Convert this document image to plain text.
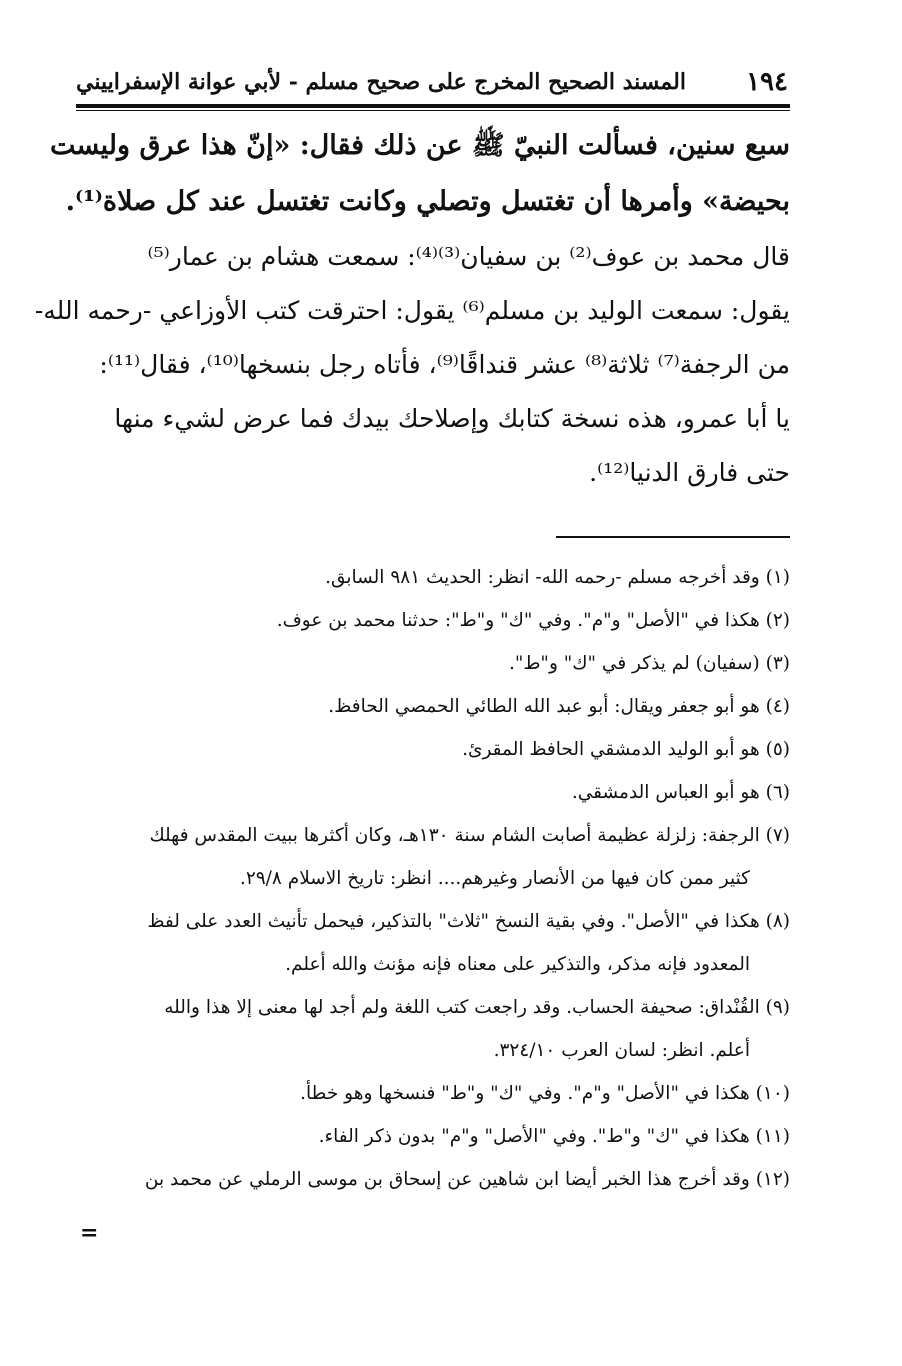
١٩٤
المسند الصحيح المخرج على صحيح مسلم - لأبي عوانة الإسفراييني
سبع سنين، فسألت النبيّ ﷺ عن ذلك فقال: «إنّ هذا عرق وليست
بحيضة» وأمرها أن تغتسل وتصلي وكانت تغتسل عند كل صلاة⁽¹⁾.
قال محمد بن عوف⁽²⁾ بن سفيان⁽³⁾⁽⁴⁾: سمعت هشام بن عمار⁽⁵⁾
يقول: سمعت الوليد بن مسلم⁽⁶⁾ يقول: احترقت كتب الأوزاعي -رحمه الله-
من الرجفة⁽⁷⁾ ثلاثة⁽⁸⁾ عشر قنداقًا⁽⁹⁾، فأتاه رجل بنسخها⁽¹⁰⁾، فقال⁽¹¹⁾:
يا أبا عمرو، هذه نسخة كتابك وإصلاحك بيدك فما عرض لشيء منها
حتى فارق الدنيا⁽¹²⁾.
(١) وقد أخرجه مسلم -رحمه الله- انظر: الحديث ٩٨١ السابق.
(٢) هكذا في "الأصل" و"م". وفي "ك" و"ط": حدثنا محمد بن عوف.
(٣) (سفيان) لم يذكر في "ك" و"ط".
(٤) هو أبو جعفر ويقال: أبو عبد الله الطائي الحمصي الحافظ.
(٥) هو أبو الوليد الدمشقي الحافظ المقرئ.
(٦) هو أبو العباس الدمشقي.
(٧) الرجفة: زلزلة عظيمة أصابت الشام سنة ١٣٠هـ، وكان أكثرها ببيت المقدس فهلك
كثير ممن كان فيها من الأنصار وغيرهم.... انظر: تاريخ الاسلام ٢٩/٨.
(٨) هكذا في "الأصل". وفي بقية النسخ "ثلاث" بالتذكير، فيحمل تأنيث العدد على لفظ
المعدود فإنه مذكر، والتذكير على معناه فإنه مؤنث والله أعلم.
(٩) القُنْداق: صحيفة الحساب. وقد راجعت كتب اللغة ولم أجد لها معنى إلا هذا والله
أعلم. انظر: لسان العرب ٣٢٤/١٠.
(١٠) هكذا في "الأصل" و"م". وفي "ك" و"ط" فنسخها وهو خطأ.
(١١) هكذا في "ك" و"ط". وفي "الأصل" و"م" بدون ذكر الفاء.
(١٢) وقد أخرج هذا الخبر أيضا ابن شاهين عن إسحاق بن موسى الرملي عن محمد بن
=
